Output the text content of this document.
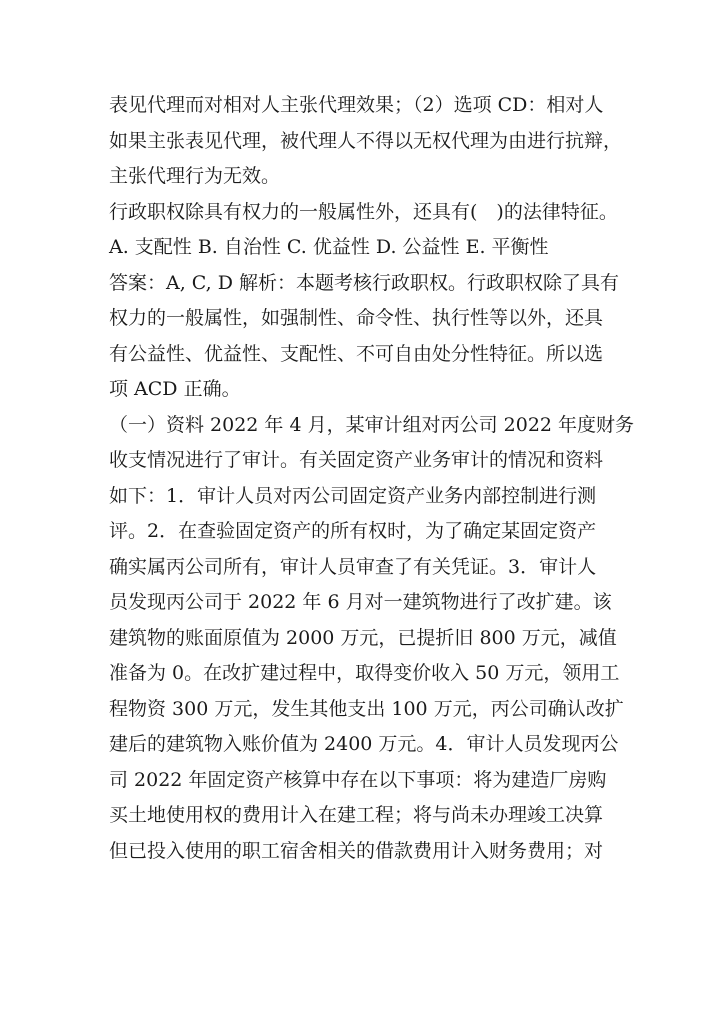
表见代理而对相对人主张代理效果；（2）选项 CD：相对人
如果主张表见代理，被代理人不得以无权代理为由进行抗辩，
主张代理行为无效。
行政职权除具有权力的一般属性外，还具有(　)的法律特征。
A. 支配性 B. 自治性 C. 优益性 D. 公益性 E. 平衡性
答案：A, C, D 解析：本题考核行政职权。行政职权除了具有
权力的一般属性，如强制性、命令性、执行性等以外，还具
有公益性、优益性、支配性、不可自由处分性特征。所以选
项 ACD 正确。
（一）资料 2022 年 4 月，某审计组对丙公司 2022 年度财务
收支情况进行了审计。有关固定资产业务审计的情况和资料
如下：1．审计人员对丙公司固定资产业务内部控制进行测
评。2．在查验固定资产的所有权时，为了确定某固定资产
确实属丙公司所有，审计人员审查了有关凭证。3．审计人
员发现丙公司于 2022 年 6 月对一建筑物进行了改扩建。该
建筑物的账面原值为 2000 万元，已提折旧 800 万元，减值
准备为 0。在改扩建过程中，取得变价收入 50 万元，领用工
程物资 300 万元，发生其他支出 100 万元，丙公司确认改扩
建后的建筑物入账价值为 2400 万元。4．审计人员发现丙公
司 2022 年固定资产核算中存在以下事项：将为建造厂房购
买土地使用权的费用计入在建工程；将与尚未办理竣工决算
但已投入使用的职工宿舍相关的借款费用计入财务费用；对
